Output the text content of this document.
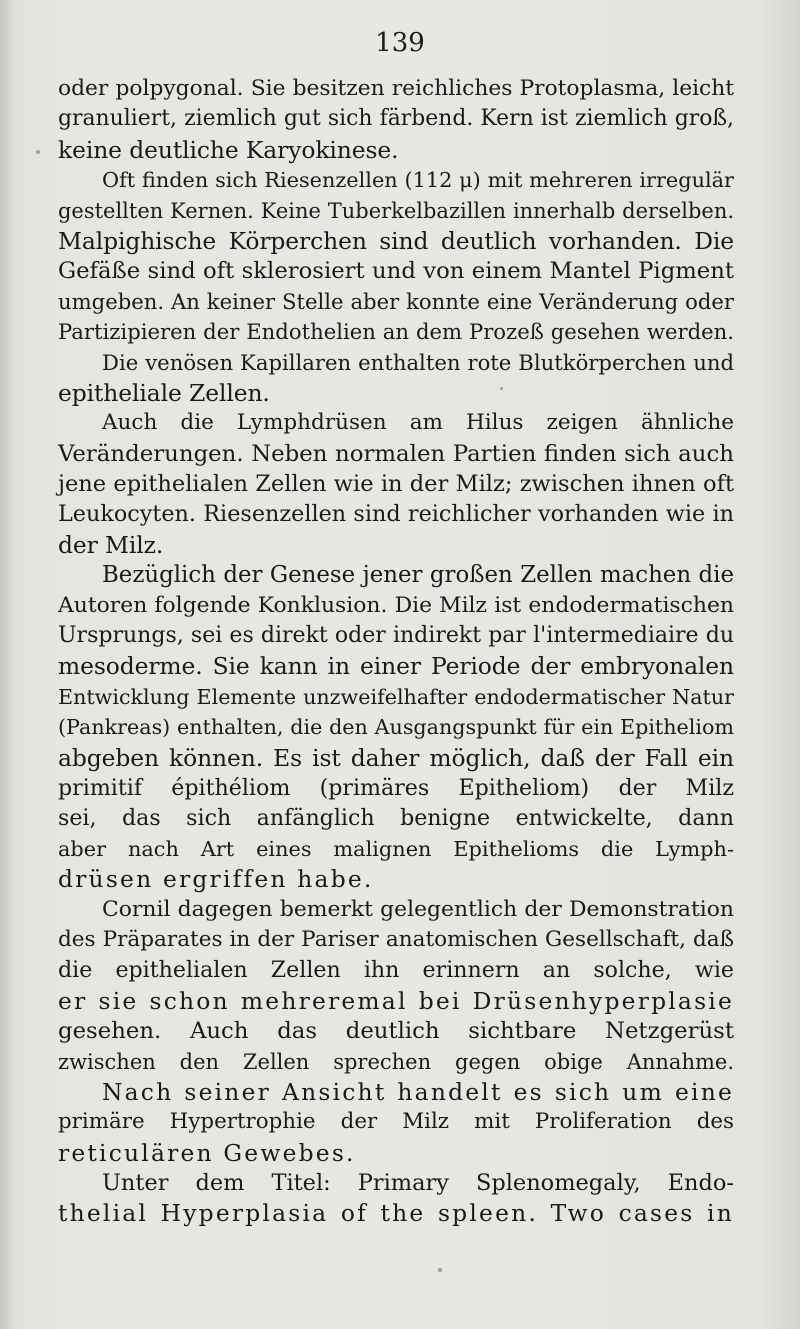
139
oder polpygonal. Sie besitzen reichliches Protoplasma, leicht
granuliert, ziemlich gut sich färbend. Kern ist ziemlich groß,
keine deutliche Karyokinese.
Oft finden sich Riesenzellen (112 μ) mit mehreren irregulär
gestellten Kernen. Keine Tuberkelbazillen innerhalb derselben.
Malpighische Körperchen sind deutlich vorhanden. Die
Gefäße sind oft sklerosiert und von einem Mantel Pigment
umgeben. An keiner Stelle aber konnte eine Veränderung oder
Partizipieren der Endothelien an dem Prozeß gesehen werden.
Die venösen Kapillaren enthalten rote Blutkörperchen und
epitheliale Zellen.
Auch die Lymphdrüsen am Hilus zeigen ähnliche
Veränderungen. Neben normalen Partien finden sich auch
jene epithelialen Zellen wie in der Milz; zwischen ihnen oft
Leukocyten. Riesenzellen sind reichlicher vorhanden wie in
der Milz.
Bezüglich der Genese jener großen Zellen machen die
Autoren folgende Konklusion. Die Milz ist endodermatischen
Ursprungs, sei es direkt oder indirekt par l'intermediaire du
mesoderme. Sie kann in einer Periode der embryonalen
Entwicklung Elemente unzweifelhafter endodermatischer Natur
(Pankreas) enthalten, die den Ausgangspunkt für ein Epitheliom
abgeben können. Es ist daher möglich, daß der Fall ein
primitif épithéliom (primäres Epitheliom) der Milz
sei, das sich anfänglich benigne entwickelte, dann
aber nach Art eines malignen Epithelioms die Lymph-
drüsen ergriffen habe.
Cornil dagegen bemerkt gelegentlich der Demonstration
des Präparates in der Pariser anatomischen Gesellschaft, daß
die epithelialen Zellen ihn erinnern an solche, wie
er sie schon mehreremal bei Drüsenhyperplasie
gesehen. Auch das deutlich sichtbare Netzgerüst
zwischen den Zellen sprechen gegen obige Annahme.
Nach seiner Ansicht handelt es sich um eine
primäre Hypertrophie der Milz mit Proliferation des
reticulären Gewebes.
Unter dem Titel: Primary Splenomegaly, Endo-
thelial Hyperplasia of the spleen. Two cases in
